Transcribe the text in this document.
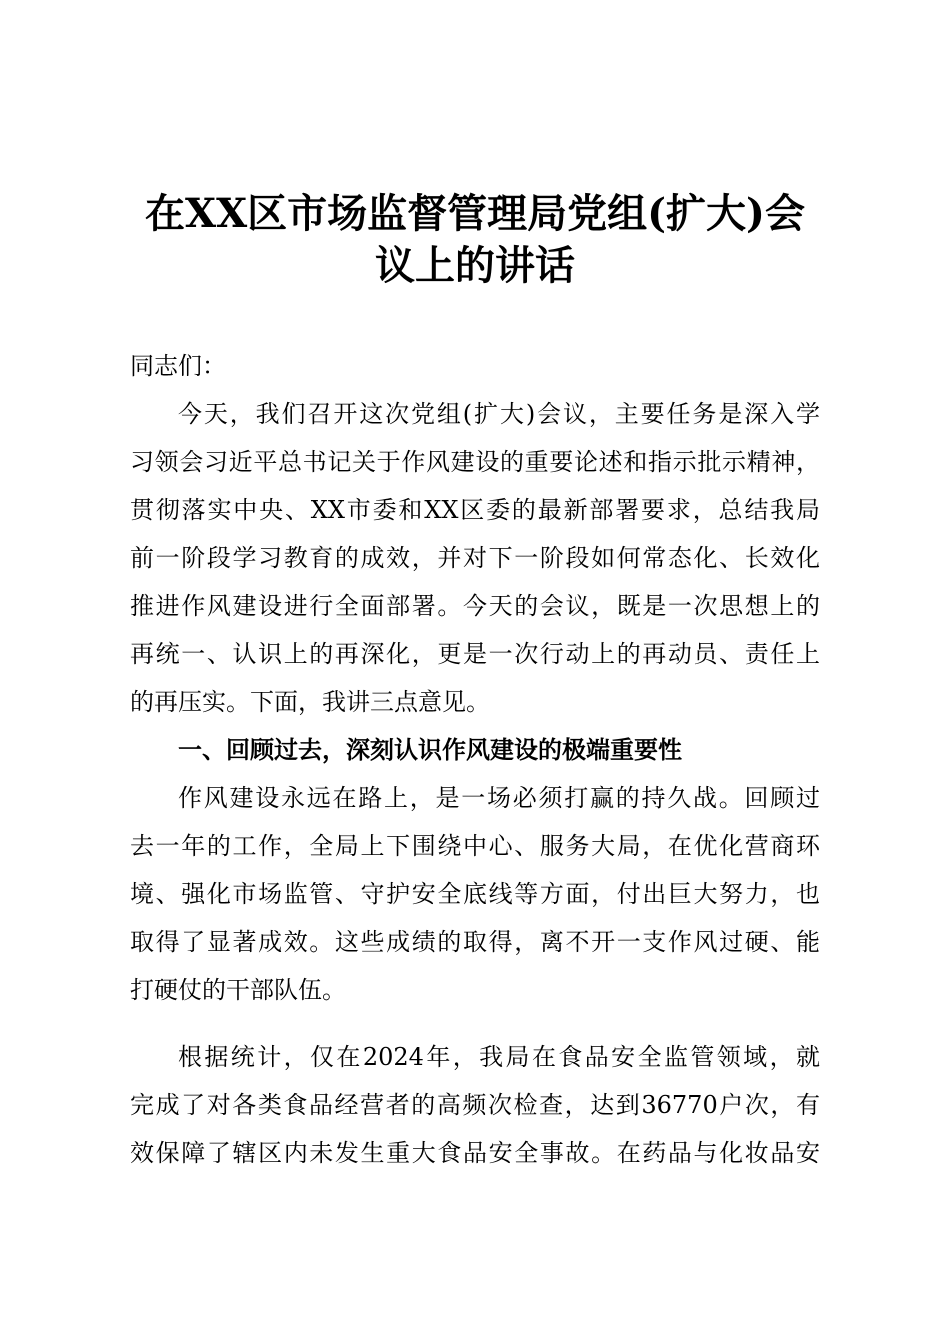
在XX区市场监督管理局党组(扩大)会
议上的讲话
同志们：
今天，我们召开这次党组(扩大)会议，主要任务是深入学
习领会习近平总书记关于作风建设的重要论述和指示批示精神，
贯彻落实中央、XX市委和XX区委的最新部署要求，总结我局
前一阶段学习教育的成效，并对下一阶段如何常态化、长效化
推进作风建设进行全面部署。今天的会议，既是一次思想上的
再统一、认识上的再深化，更是一次行动上的再动员、责任上
的再压实。下面，我讲三点意见。
一、回顾过去，深刻认识作风建设的极端重要性
作风建设永远在路上，是一场必须打赢的持久战。回顾过
去一年的工作，全局上下围绕中心、服务大局，在优化营商环
境、强化市场监管、守护安全底线等方面，付出巨大努力，也
取得了显著成效。这些成绩的取得，离不开一支作风过硬、能
打硬仗的干部队伍。
根据统计，仅在2024年，我局在食品安全监管领域，就
完成了对各类食品经营者的高频次检查，达到36770户次，有
效保障了辖区内未发生重大食品安全事故。在药品与化妆品安
